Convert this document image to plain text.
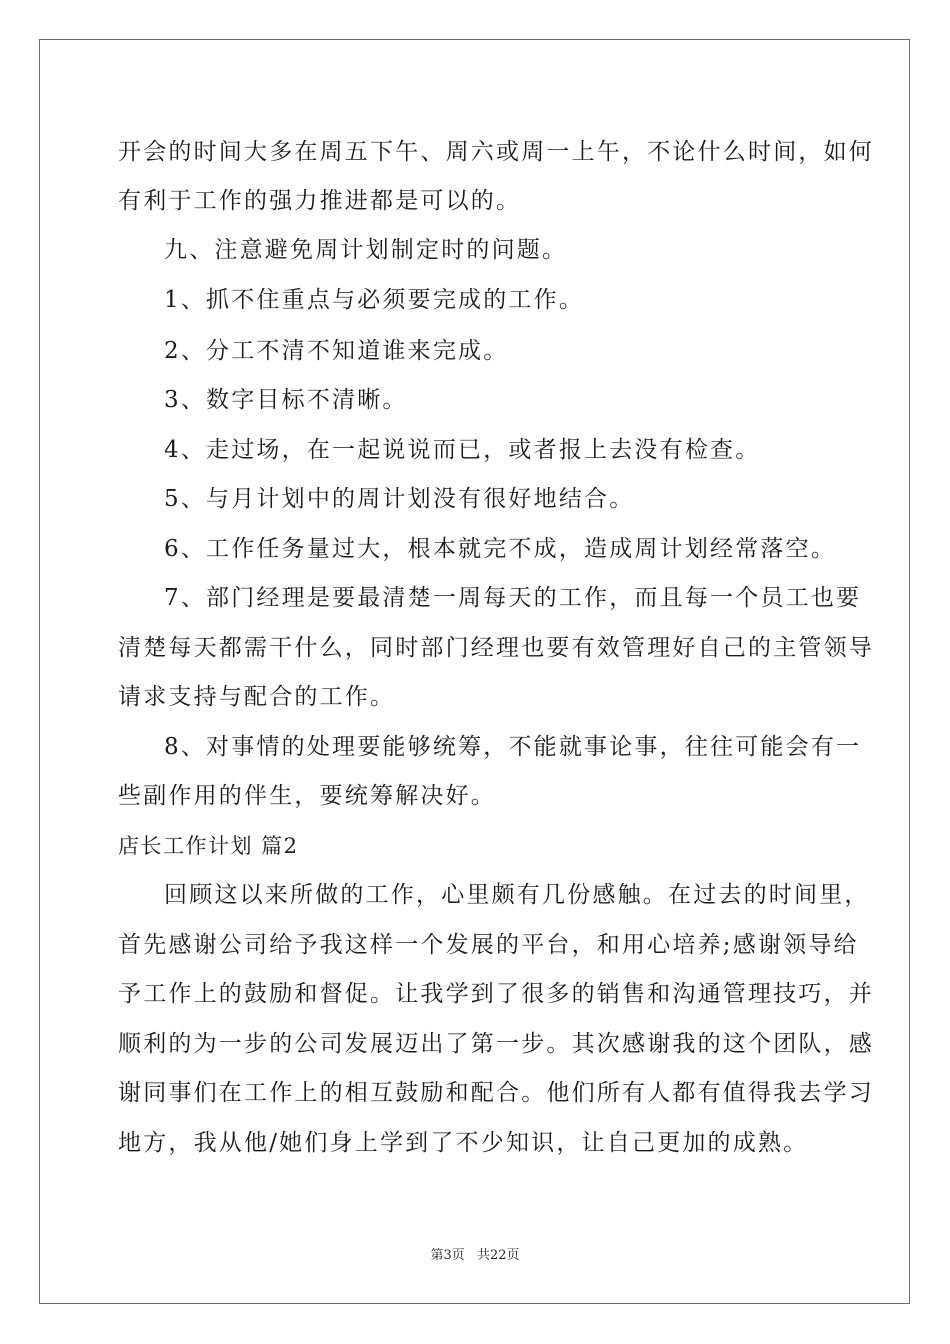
开会的时间大多在周五下午、周六或周一上午，不论什么时间，如何
有利于工作的强力推进都是可以的。
九、注意避免周计划制定时的问题。
1、抓不住重点与必须要完成的工作。
2、分工不清不知道谁来完成。
3、数字目标不清晰。
4、走过场，在一起说说而已，或者报上去没有检查。
5、与月计划中的周计划没有很好地结合。
6、工作任务量过大，根本就完不成，造成周计划经常落空。
7、部门经理是要最清楚一周每天的工作，而且每一个员工也要
清楚每天都需干什么，同时部门经理也要有效管理好自己的主管领导
请求支持与配合的工作。
8、对事情的处理要能够统筹，不能就事论事，往往可能会有一
些副作用的伴生，要统筹解决好。
店长工作计划 篇2
回顾这以来所做的工作，心里颇有几份感触。在过去的时间里，
首先感谢公司给予我这样一个发展的平台，和用心培养;感谢领导给
予工作上的鼓励和督促。让我学到了很多的销售和沟通管理技巧，并
顺利的为一步的公司发展迈出了第一步。其次感谢我的这个团队，感
谢同事们在工作上的相互鼓励和配合。他们所有人都有值得我去学习
地方，我从他/她们身上学到了不少知识，让自己更加的成熟。
第3页 共22页
